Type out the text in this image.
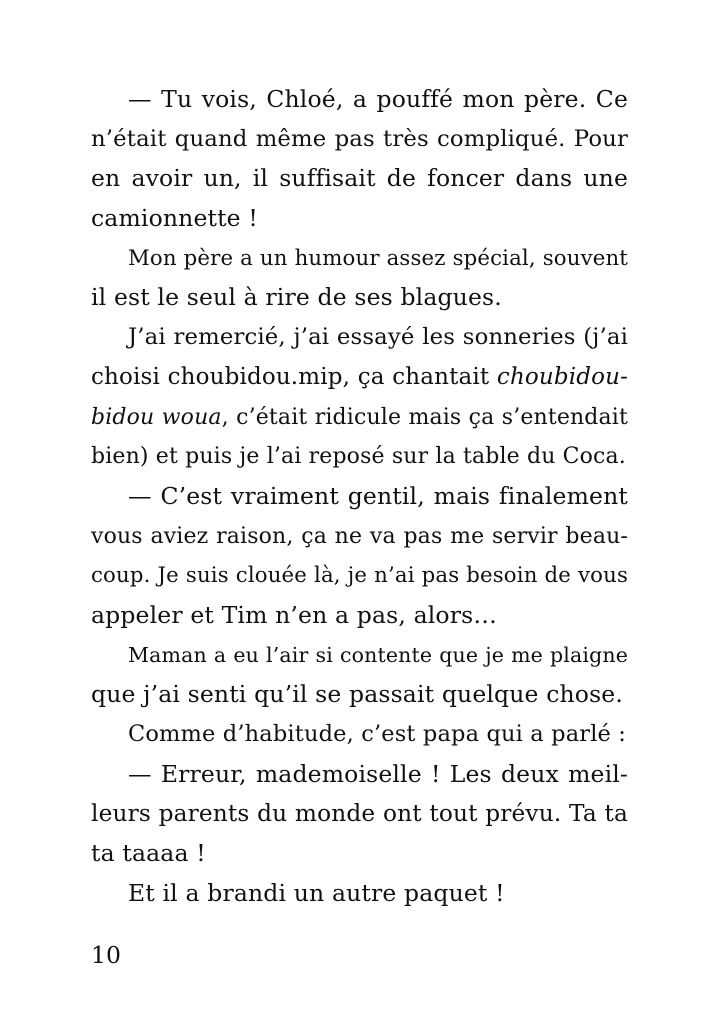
— Tu vois, Chloé, a pouffé mon père. Ce
n’était quand même pas très compliqué. Pour
en avoir un, il suffisait de foncer dans une
camionnette !
Mon père a un humour assez spécial, souvent
il est le seul à rire de ses blagues.
J’ai remercié, j’ai essayé les sonneries (j’ai
choisi choubidou.mip, ça chantait choubidou-
bidou woua, c’était ridicule mais ça s’entendait
bien) et puis je l’ai reposé sur la table du Coca.
— C’est vraiment gentil, mais finalement
vous aviez raison, ça ne va pas me servir beau-
coup. Je suis clouée là, je n’ai pas besoin de vous
appeler et Tim n’en a pas, alors…
Maman a eu l’air si contente que je me plaigne
que j’ai senti qu’il se passait quelque chose.
Comme d’habitude, c’est papa qui a parlé :
— Erreur, mademoiselle ! Les deux meil-
leurs parents du monde ont tout prévu. Ta ta
ta taaaa !
Et il a brandi un autre paquet !
10
